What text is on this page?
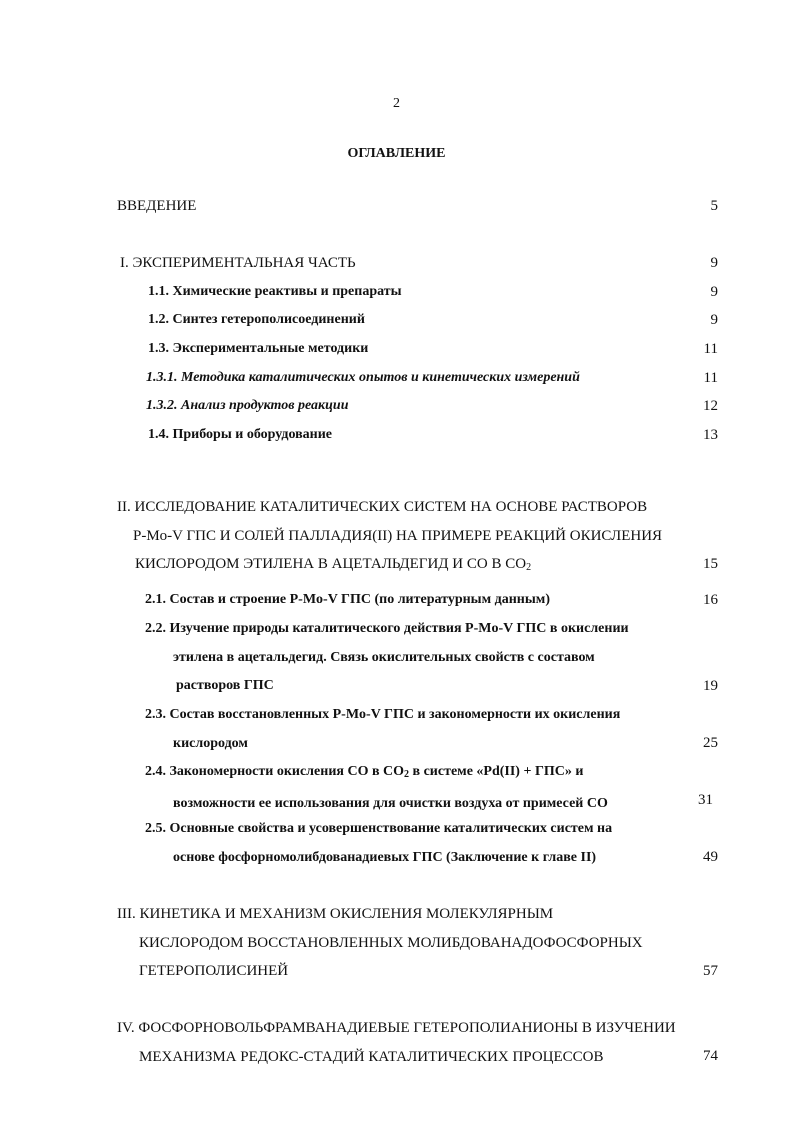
2
ОГЛАВЛЕНИЕ
ВВЕДЕНИЕ	5
I. ЭКСПЕРИМЕНТАЛЬНАЯ ЧАСТЬ	9
1.1. Химические реактивы и препараты	9
1.2. Синтез гетерополисоединений	9
1.3. Экспериментальные методики	11
1.3.1. Методика каталитических опытов и кинетических измерений	11
1.3.2. Анализ продуктов реакции	12
1.4. Приборы и оборудование	13
II. ИССЛЕДОВАНИЕ КАТАЛИТИЧЕСКИХ СИСТЕМ НА ОСНОВЕ РАСТВОРОВ
P-Mo-V ГПС И СОЛЕЙ ПАЛЛАДИЯ(II) НА ПРИМЕРЕ РЕАКЦИЙ ОКИСЛЕНИЯ
КИСЛОРОДОМ ЭТИЛЕНА В АЦЕТАЛЬДЕГИД И СО В $СО_2$	15
2.1. Состав и строение P-Mo-V ГПС (по литературным данным)	16
2.2. Изучение природы каталитического действия P-Mo-V ГПС в окислении
этилена в ацетальдегид. Связь окислительных свойств с составом
растворов ГПС	19
2.3. Состав восстановленных P-Mo-V ГПС и закономерности их окисления
кислородом	25
2.4. Закономерности окисления СО в $СО_2$ в системе «Pd(II) + ГПС» и
возможности ее использования для очистки воздуха от примесей СО	31
2.5. Основные свойства и усовершенствование каталитических систем на
основе фосфорномолибдованадиевых ГПС (Заключение к главе II)	49
III. КИНЕТИКА И МЕХАНИЗМ ОКИСЛЕНИЯ МОЛЕКУЛЯРНЫМ
КИСЛОРОДОМ ВОССТАНОВЛЕННЫХ МОЛИБДОВАНАДОФОСФОРНЫХ
ГЕТЕРОПОЛИСИНЕЙ	57
IV. ФОСФОРНОВОЛЬФРАМВАНАДИЕВЫЕ ГЕТЕРОПОЛИАНИОНЫ В ИЗУЧЕНИИ
МЕХАНИЗМА РЕДОКС-СТАДИЙ КАТАЛИТИЧЕСКИХ ПРОЦЕССОВ	74
